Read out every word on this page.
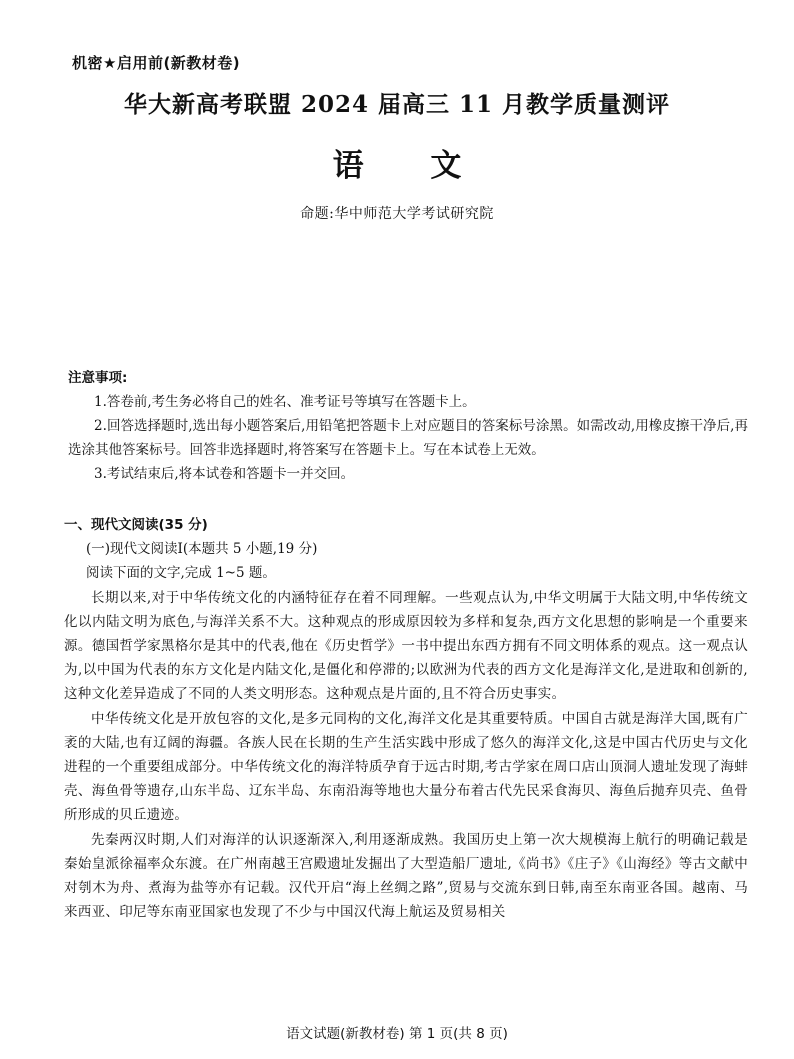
机密★启用前(新教材卷)
华大新高考联盟 2024 届高三 11 月教学质量测评
语 文
命题:华中师范大学考试研究院
注意事项:
1.答卷前,考生务必将自己的姓名、准考证号等填写在答题卡上。
2.回答选择题时,选出每小题答案后,用铅笔把答题卡上对应题目的答案标号涂黑。如需改动,用橡皮擦干净后,再选涂其他答案标号。回答非选择题时,将答案写在答题卡上。写在本试卷上无效。
3.考试结束后,将本试卷和答题卡一并交回。
一、现代文阅读(35 分)
(一)现代文阅读Ⅰ(本题共 5 小题,19 分)
阅读下面的文字,完成 1~5 题。
长期以来,对于中华传统文化的内涵特征存在着不同理解。一些观点认为,中华文明属于大陆文明,中华传统文化以内陆文明为底色,与海洋关系不大。这种观点的形成原因较为多样和复杂,西方文化思想的影响是一个重要来源。德国哲学家黑格尔是其中的代表,他在《历史哲学》一书中提出东西方拥有不同文明体系的观点。这一观点认为,以中国为代表的东方文化是内陆文化,是僵化和停滞的;以欧洲为代表的西方文化是海洋文化,是进取和创新的,这种文化差异造成了不同的人类文明形态。这种观点是片面的,且不符合历史事实。
中华传统文化是开放包容的文化,是多元同构的文化,海洋文化是其重要特质。中国自古就是海洋大国,既有广袤的大陆,也有辽阔的海疆。各族人民在长期的生产生活实践中形成了悠久的海洋文化,这是中国古代历史与文化进程的一个重要组成部分。中华传统文化的海洋特质孕育于远古时期,考古学家在周口店山顶洞人遗址发现了海蚌壳、海鱼骨等遗存,山东半岛、辽东半岛、东南沿海等地也大量分布着古代先民采食海贝、海鱼后抛弃贝壳、鱼骨所形成的贝丘遗迹。
先秦两汉时期,人们对海洋的认识逐渐深入,利用逐渐成熟。我国历史上第一次大规模海上航行的明确记载是秦始皇派徐福率众东渡。在广州南越王宫殿遗址发掘出了大型造船厂遗址,《尚书》《庄子》《山海经》等古文献中对刳木为舟、煮海为盐等亦有记载。汉代开启“海上丝绸之路”,贸易与交流东到日韩,南至东南亚各国。越南、马来西亚、印尼等东南亚国家也发现了不少与中国汉代海上航运及贸易相关
语文试题(新教材卷) 第 1 页(共 8 页)
